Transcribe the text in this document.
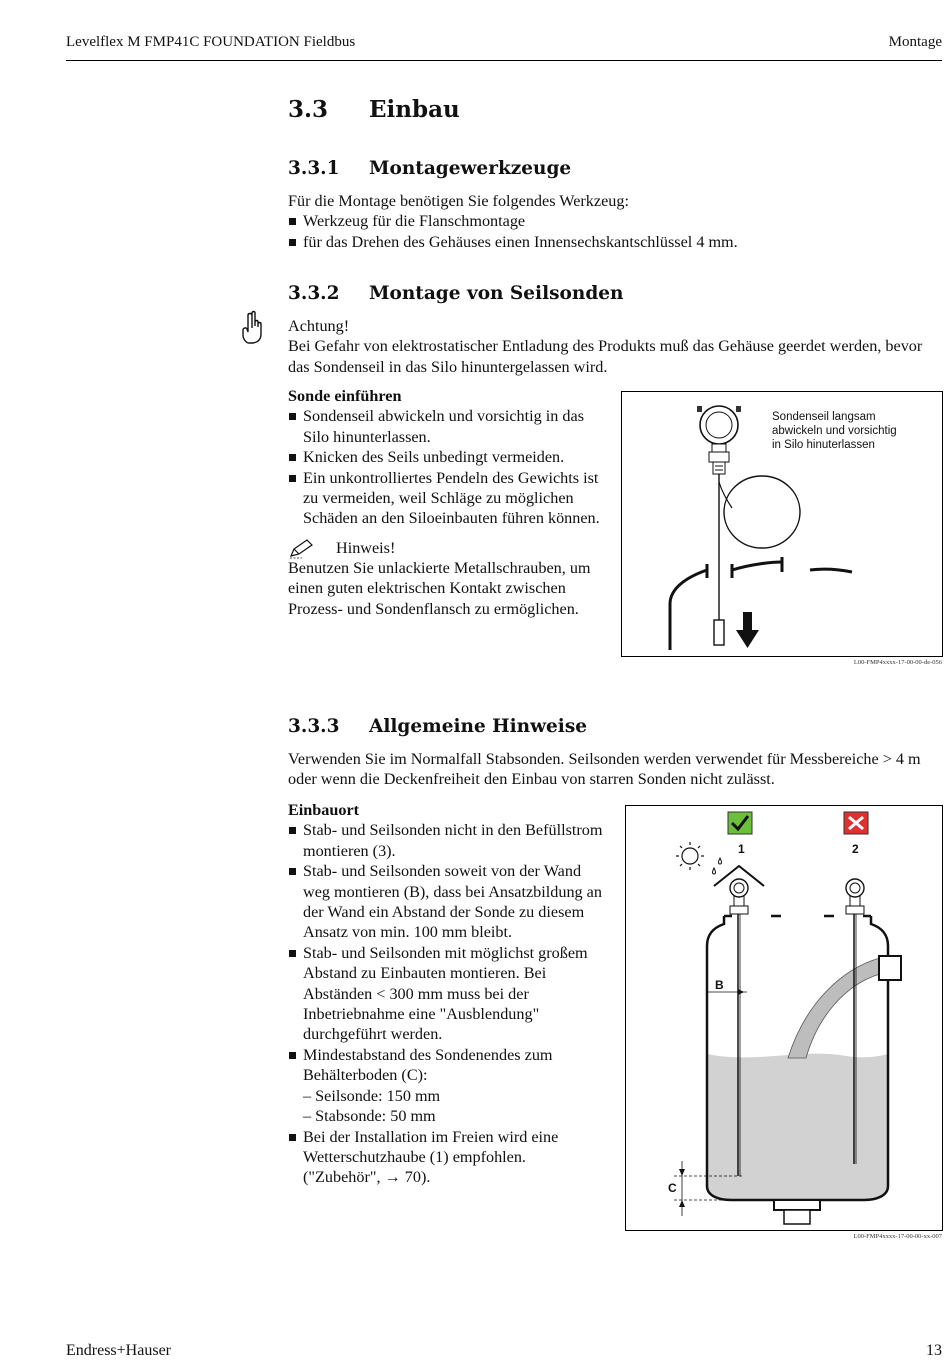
Levelflex M FMP41C FOUNDATION Fieldbus	Montage
3.3 Einbau
3.3.1 Montagewerkzeuge
Für die Montage benötigen Sie folgendes Werkzeug:
Werkzeug für die Flanschmontage
für das Drehen des Gehäuses einen Innensechskantschlüssel 4 mm.
3.3.2 Montage von Seilsonden
Achtung!
Bei Gefahr von elektrostatischer Entladung des Produkts muß das Gehäuse geerdet werden, bevor das Sondenseil in das Silo hinuntergelassen wird.
Sonde einführen
Sondenseil abwickeln und vorsichtig in das Silo hinunterlassen.
Knicken des Seils unbedingt vermeiden.
Ein unkontrolliertes Pendeln des Gewichts ist zu vermeiden, weil Schläge zu möglichen Schäden an den Siloeinbauten führen können.
Hinweis!
Benutzen Sie unlackierte Metallschrauben, um einen guten elektrischen Kontakt zwischen Prozess- und Sondenflansch zu ermöglichen.
Sondenseil langsam
abwickeln und vorsichtig
in Silo hinuterlassen
L00-FMP4xxxx-17-00-00-de-056
3.3.3 Allgemeine Hinweise
Verwenden Sie im Normalfall Stabsonden. Seilsonden werden verwendet für Messbereiche > 4 m oder wenn die Deckenfreiheit den Einbau von starren Sonden nicht zulässt.
Einbauort
Stab- und Seilsonden nicht in den Befüllstrom montieren (3).
Stab- und Seilsonden soweit von der Wand weg montieren (B), dass bei Ansatzbildung an der Wand ein Abstand der Sonde zu diesem Ansatz von min. 100 mm bleibt.
Stab- und Seilsonden mit möglichst großem Abstand zu Einbauten montieren. Bei Abständen < 300 mm muss bei der Inbetriebnahme eine "Ausblendung" durchgeführt werden.
Mindestabstand des Sondenendes zum Behälterboden (C):
– Seilsonde: 150 mm
– Stabsonde: 50 mm
Bei der Installation im Freien wird eine Wetterschutzhaube (1) empfohlen.
("Zubehör", → 70).
1	2
B
C
L00-FMP4xxxx-17-00-00-xx-007
Endress+Hauser	13
